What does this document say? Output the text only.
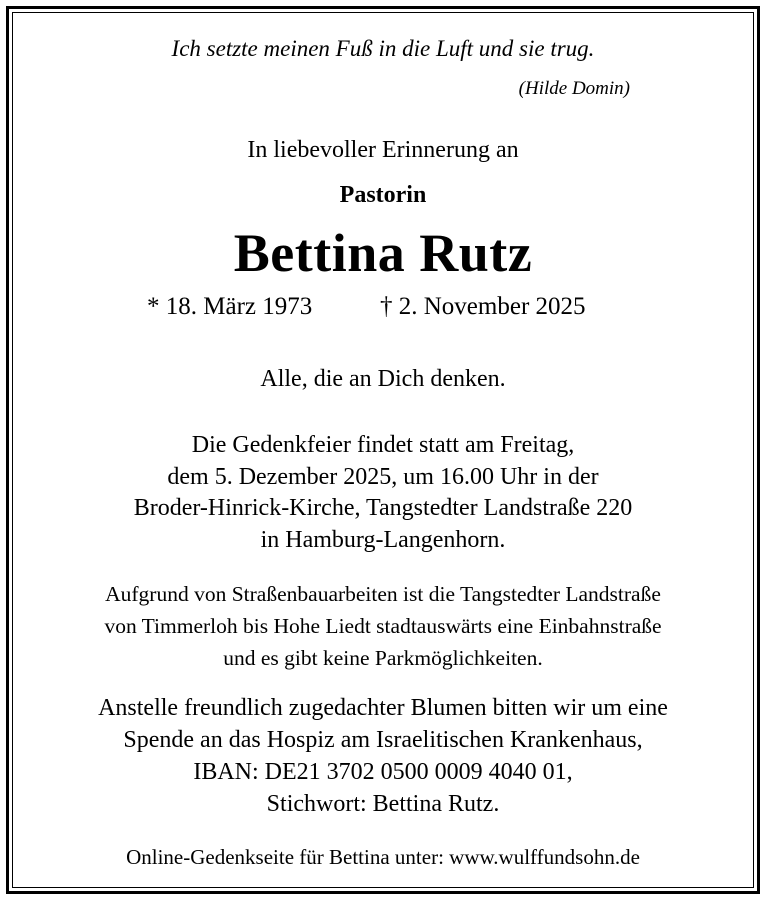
Ich setzte meinen Fuß in die Luft und sie trug.
(Hilde Domin)
In liebevoller Erinnerung an
Pastorin
Bettina Rutz
* 18. März 1973	† 2. November 2025
Alle, die an Dich denken.
Die Gedenkfeier findet statt am Freitag,
dem 5. Dezember 2025, um 16.00 Uhr in der
Broder-Hinrick-Kirche, Tangstedter Landstraße 220
in Hamburg-Langenhorn.
Aufgrund von Straßenbauarbeiten ist die Tangstedter Landstraße
von Timmerloh bis Hohe Liedt stadtauswärts eine Einbahnstraße
und es gibt keine Parkmöglichkeiten.
Anstelle freundlich zugedachter Blumen bitten wir um eine
Spende an das Hospiz am Israelitischen Krankenhaus,
IBAN: DE21 3702 0500 0009 4040 01,
Stichwort: Bettina Rutz.
Online-Gedenkseite für Bettina unter: www.wulffundsohn.de
